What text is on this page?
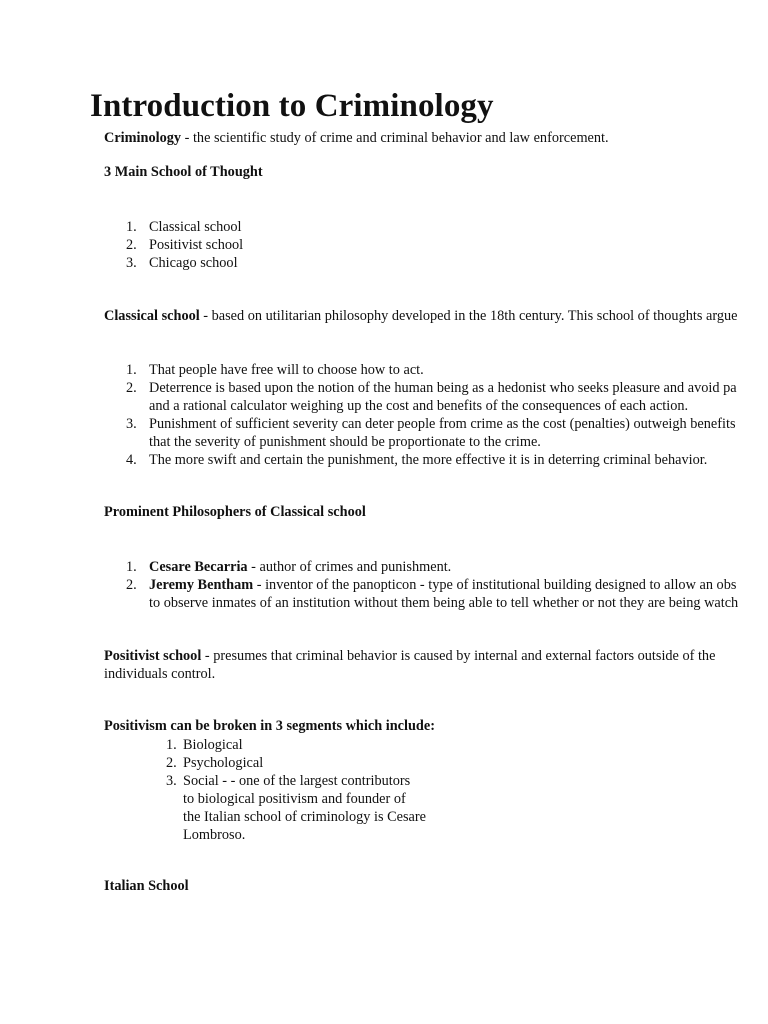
Introduction to Criminology

Criminology - the scientific study of crime and criminal behavior and law enforcement.

3 Main School of Thought

1. Classical school
2. Positivist school
3. Chicago school

Classical school - based on utilitarian philosophy developed in the 18th century. This school of thoughts argue

1. That people have free will to choose how to act.
2. Deterrence is based upon the notion of the human being as a hedonist who seeks pleasure and avoid pa
and a rational calculator weighing up the cost and benefits of the consequences of each action.
3. Punishment of sufficient severity can deter people from crime as the cost (penalties) outweigh benefits
that the severity of punishment should be proportionate to the crime.
4. The more swift and certain the punishment, the more effective it is in deterring criminal behavior.

Prominent Philosophers of Classical school

1. Cesare Becarria - author of crimes and punishment.
2. Jeremy Bentham - inventor of the panopticon - type of institutional building designed to allow an obs
to observe inmates of an institution without them being able to tell whether or not they are being watch

Positivist school - presumes that criminal behavior is caused by internal and external factors outside of the
individuals control.

Positivism can be broken in 3 segments which include:

1. Biological
2. Psychological
3. Social - - one of the largest contributors
to biological positivism and founder of
the Italian school of criminology is Cesare
Lombroso.

Italian School
